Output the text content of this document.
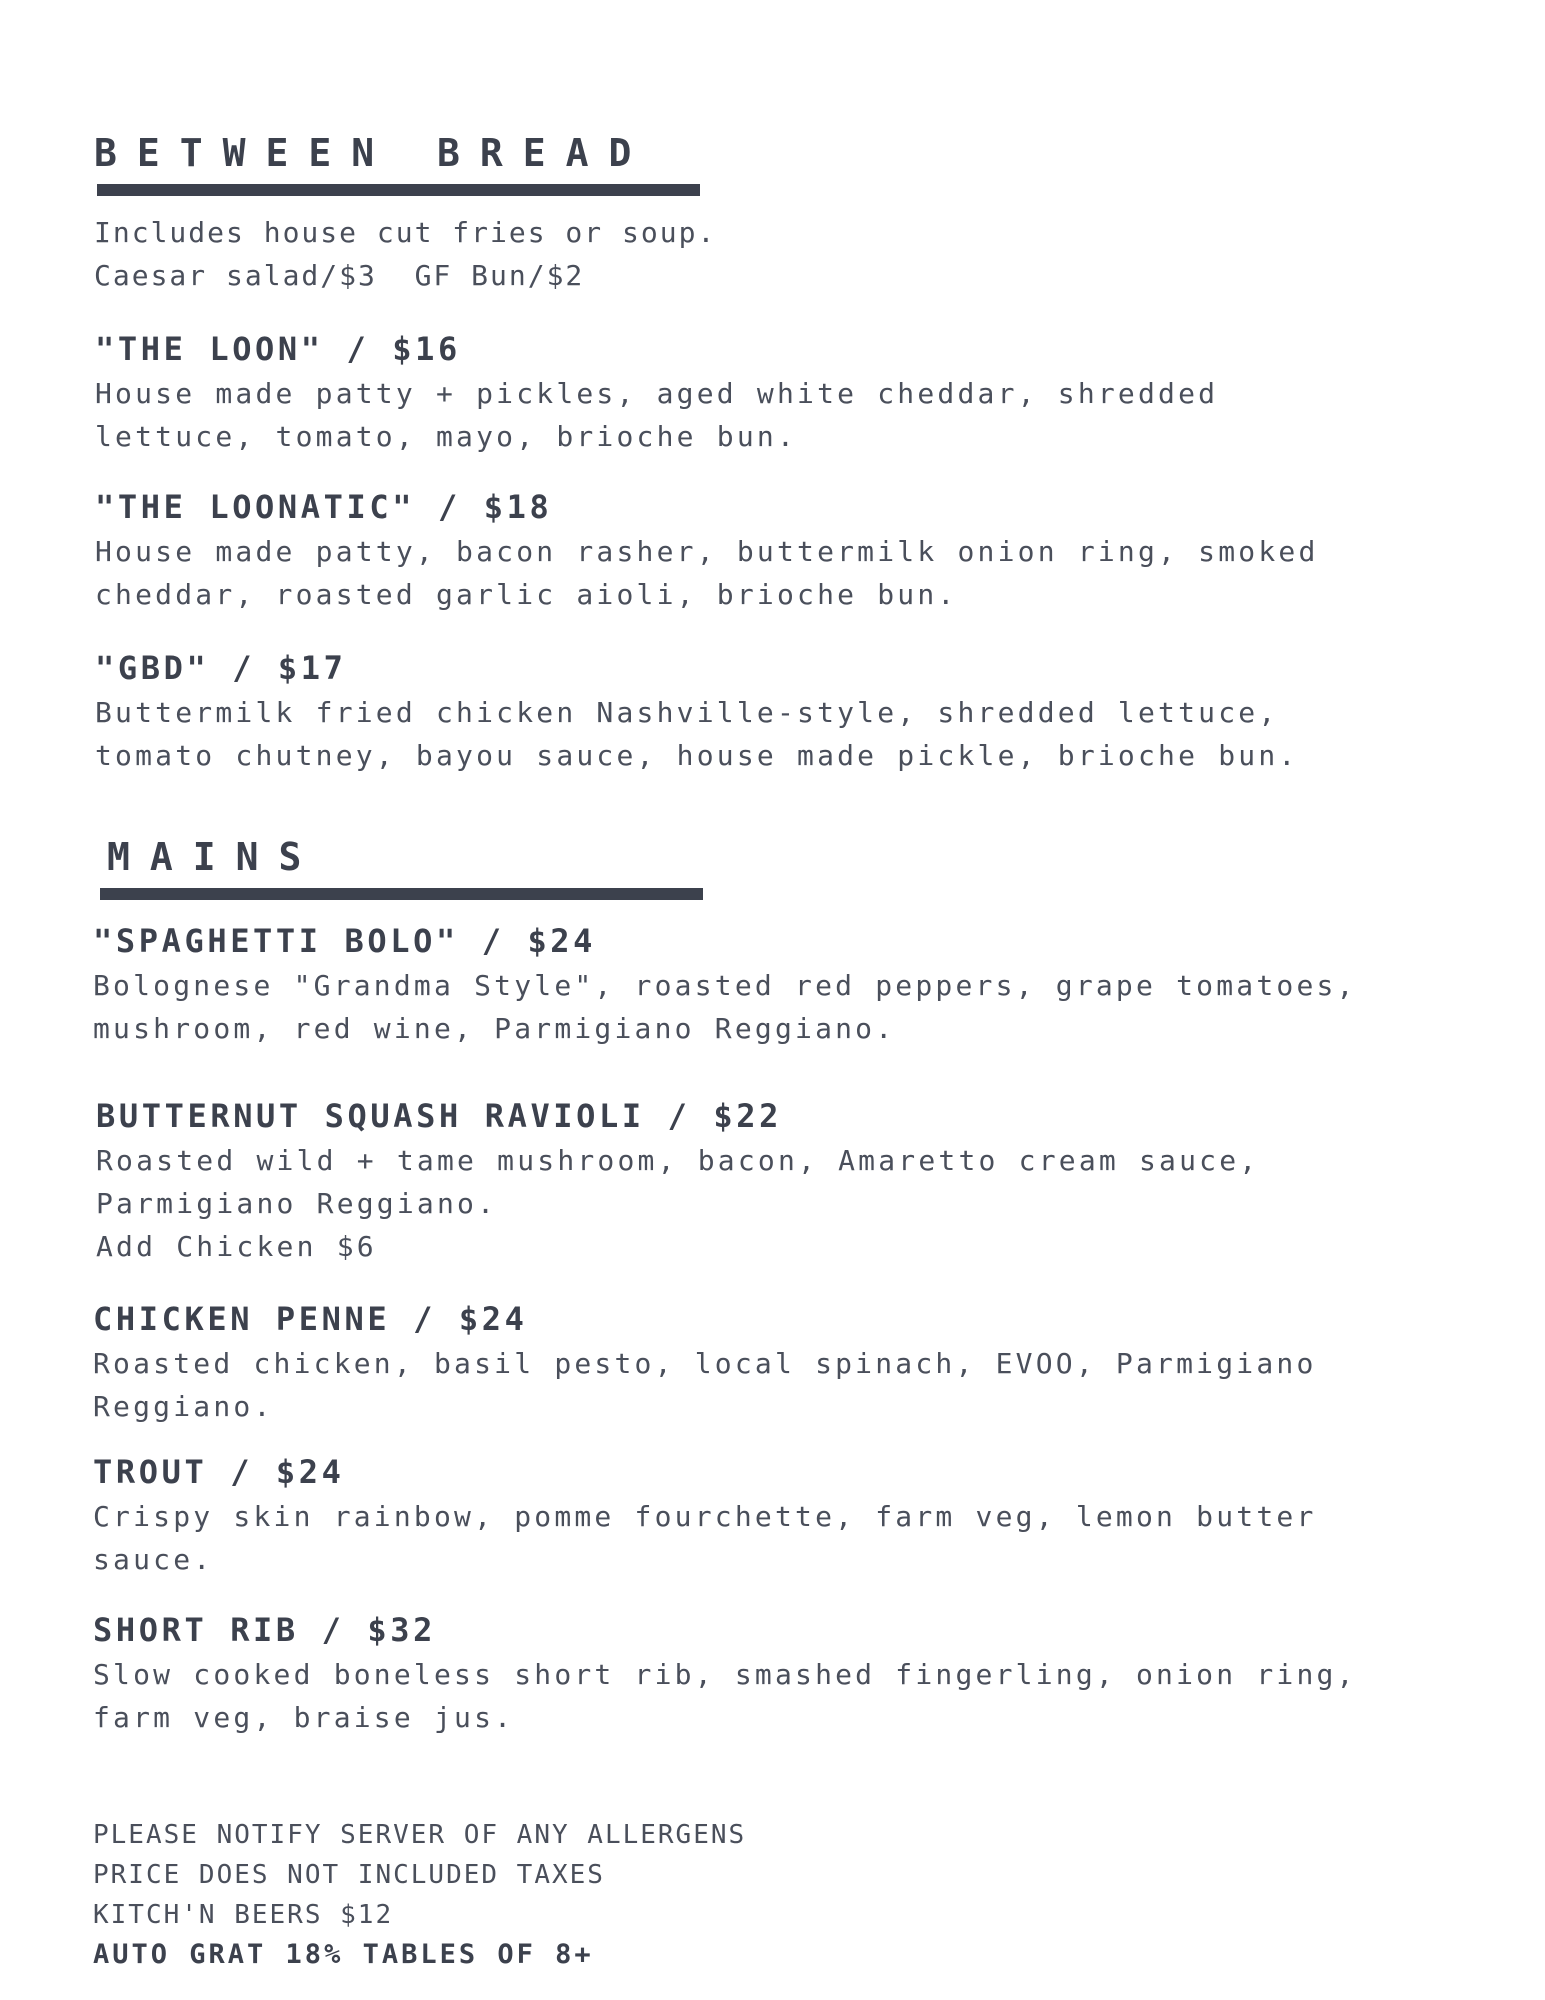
BETWEEN BREAD
Includes house cut fries or soup.
Caesar salad/$3  GF Bun/$2
"THE LOON" / $16
House made patty + pickles, aged white cheddar, shredded
lettuce, tomato, mayo, brioche bun.
"THE LOONATIC" / $18
House made patty, bacon rasher, buttermilk onion ring, smoked
cheddar, roasted garlic aioli, brioche bun.
"GBD" / $17
Buttermilk fried chicken Nashville-style, shredded lettuce,
tomato chutney, bayou sauce, house made pickle, brioche bun.
MAINS
"SPAGHETTI BOLO" / $24
Bolognese "Grandma Style", roasted red peppers, grape tomatoes,
mushroom, red wine, Parmigiano Reggiano.
BUTTERNUT SQUASH RAVIOLI / $22
Roasted wild + tame mushroom, bacon, Amaretto cream sauce,
Parmigiano Reggiano.
Add Chicken $6
CHICKEN PENNE / $24
Roasted chicken, basil pesto, local spinach, EVOO, Parmigiano
Reggiano.
TROUT / $24
Crispy skin rainbow, pomme fourchette, farm veg, lemon butter
sauce.
SHORT RIB / $32
Slow cooked boneless short rib, smashed fingerling, onion ring,
farm veg, braise jus.
PLEASE NOTIFY SERVER OF ANY ALLERGENS
PRICE DOES NOT INCLUDED TAXES
KITCH'N BEERS $12
AUTO GRAT 18% TABLES OF 8+
